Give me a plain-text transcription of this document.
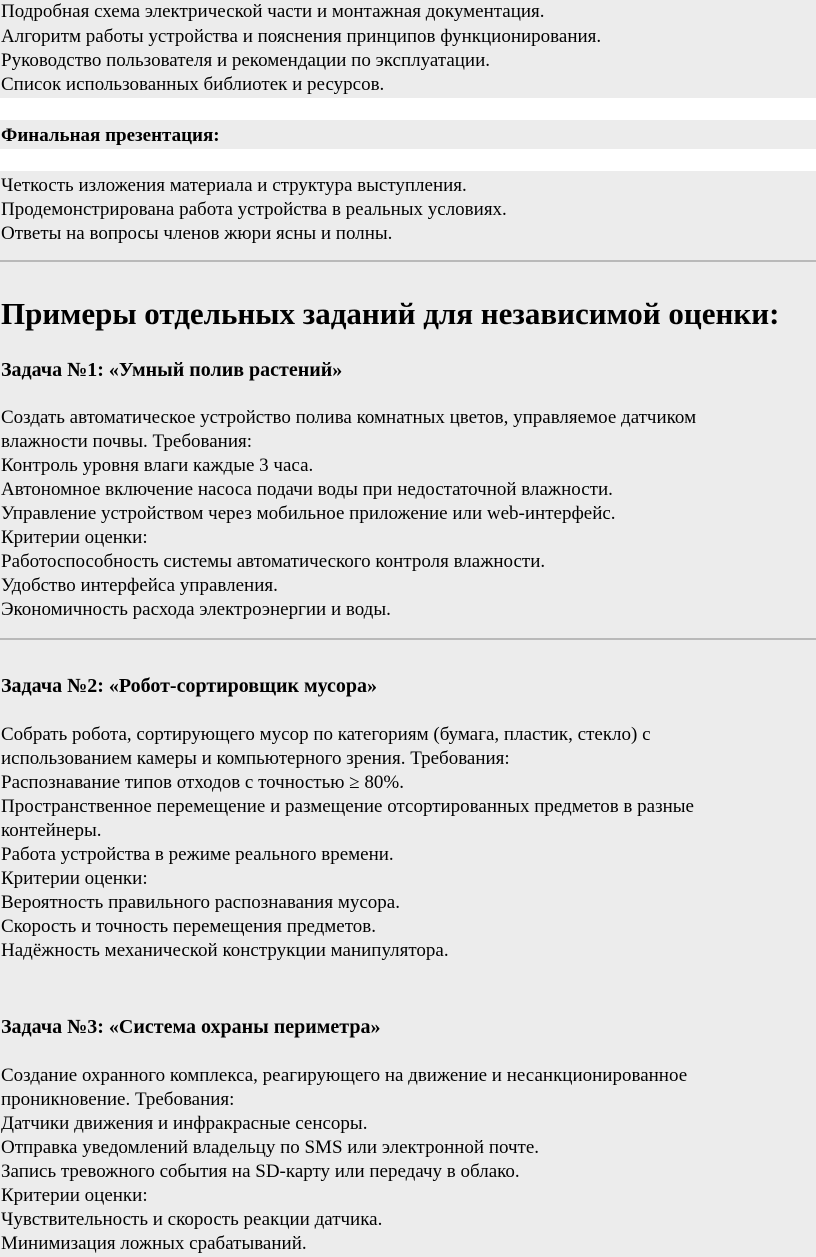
Подробная схема электрической части и монтажная документация.
Алгоритм работы устройства и пояснения принципов функционирования.
Руководство пользователя и рекомендации по эксплуатации.
Список использованных библиотек и ресурсов.
Финальная презентация:
Четкость изложения материала и структура выступления.
Продемонстрирована работа устройства в реальных условиях.
Ответы на вопросы членов жюри ясны и полны.
Примеры отдельных заданий для независимой оценки:
Задача №1: «Умный полив растений»
Создать автоматическое устройство полива комнатных цветов, управляемое датчиком
влажности почвы. Требования:
Контроль уровня влаги каждые 3 часа.
Автономное включение насоса подачи воды при недостаточной влажности.
Управление устройством через мобильное приложение или web-интерфейс.
Критерии оценки:
Работоспособность системы автоматического контроля влажности.
Удобство интерфейса управления.
Экономичность расхода электроэнергии и воды.
Задача №2: «Робот-сортировщик мусора»
Собрать робота, сортирующего мусор по категориям (бумага, пластик, стекло) с
использованием камеры и компьютерного зрения. Требования:
Распознавание типов отходов с точностью ≥ 80%.
Пространственное перемещение и размещение отсортированных предметов в разные
контейнеры.
Работа устройства в режиме реального времени.
Критерии оценки:
Вероятность правильного распознавания мусора.
Скорость и точность перемещения предметов.
Надёжность механической конструкции манипулятора.
Задача №3: «Система охраны периметра»
Создание охранного комплекса, реагирующего на движение и несанкционированное
проникновение. Требования:
Датчики движения и инфракрасные сенсоры.
Отправка уведомлений владельцу по SMS или электронной почте.
Запись тревожного события на SD-карту или передачу в облако.
Критерии оценки:
Чувствительность и скорость реакции датчика.
Минимизация ложных срабатываний.
